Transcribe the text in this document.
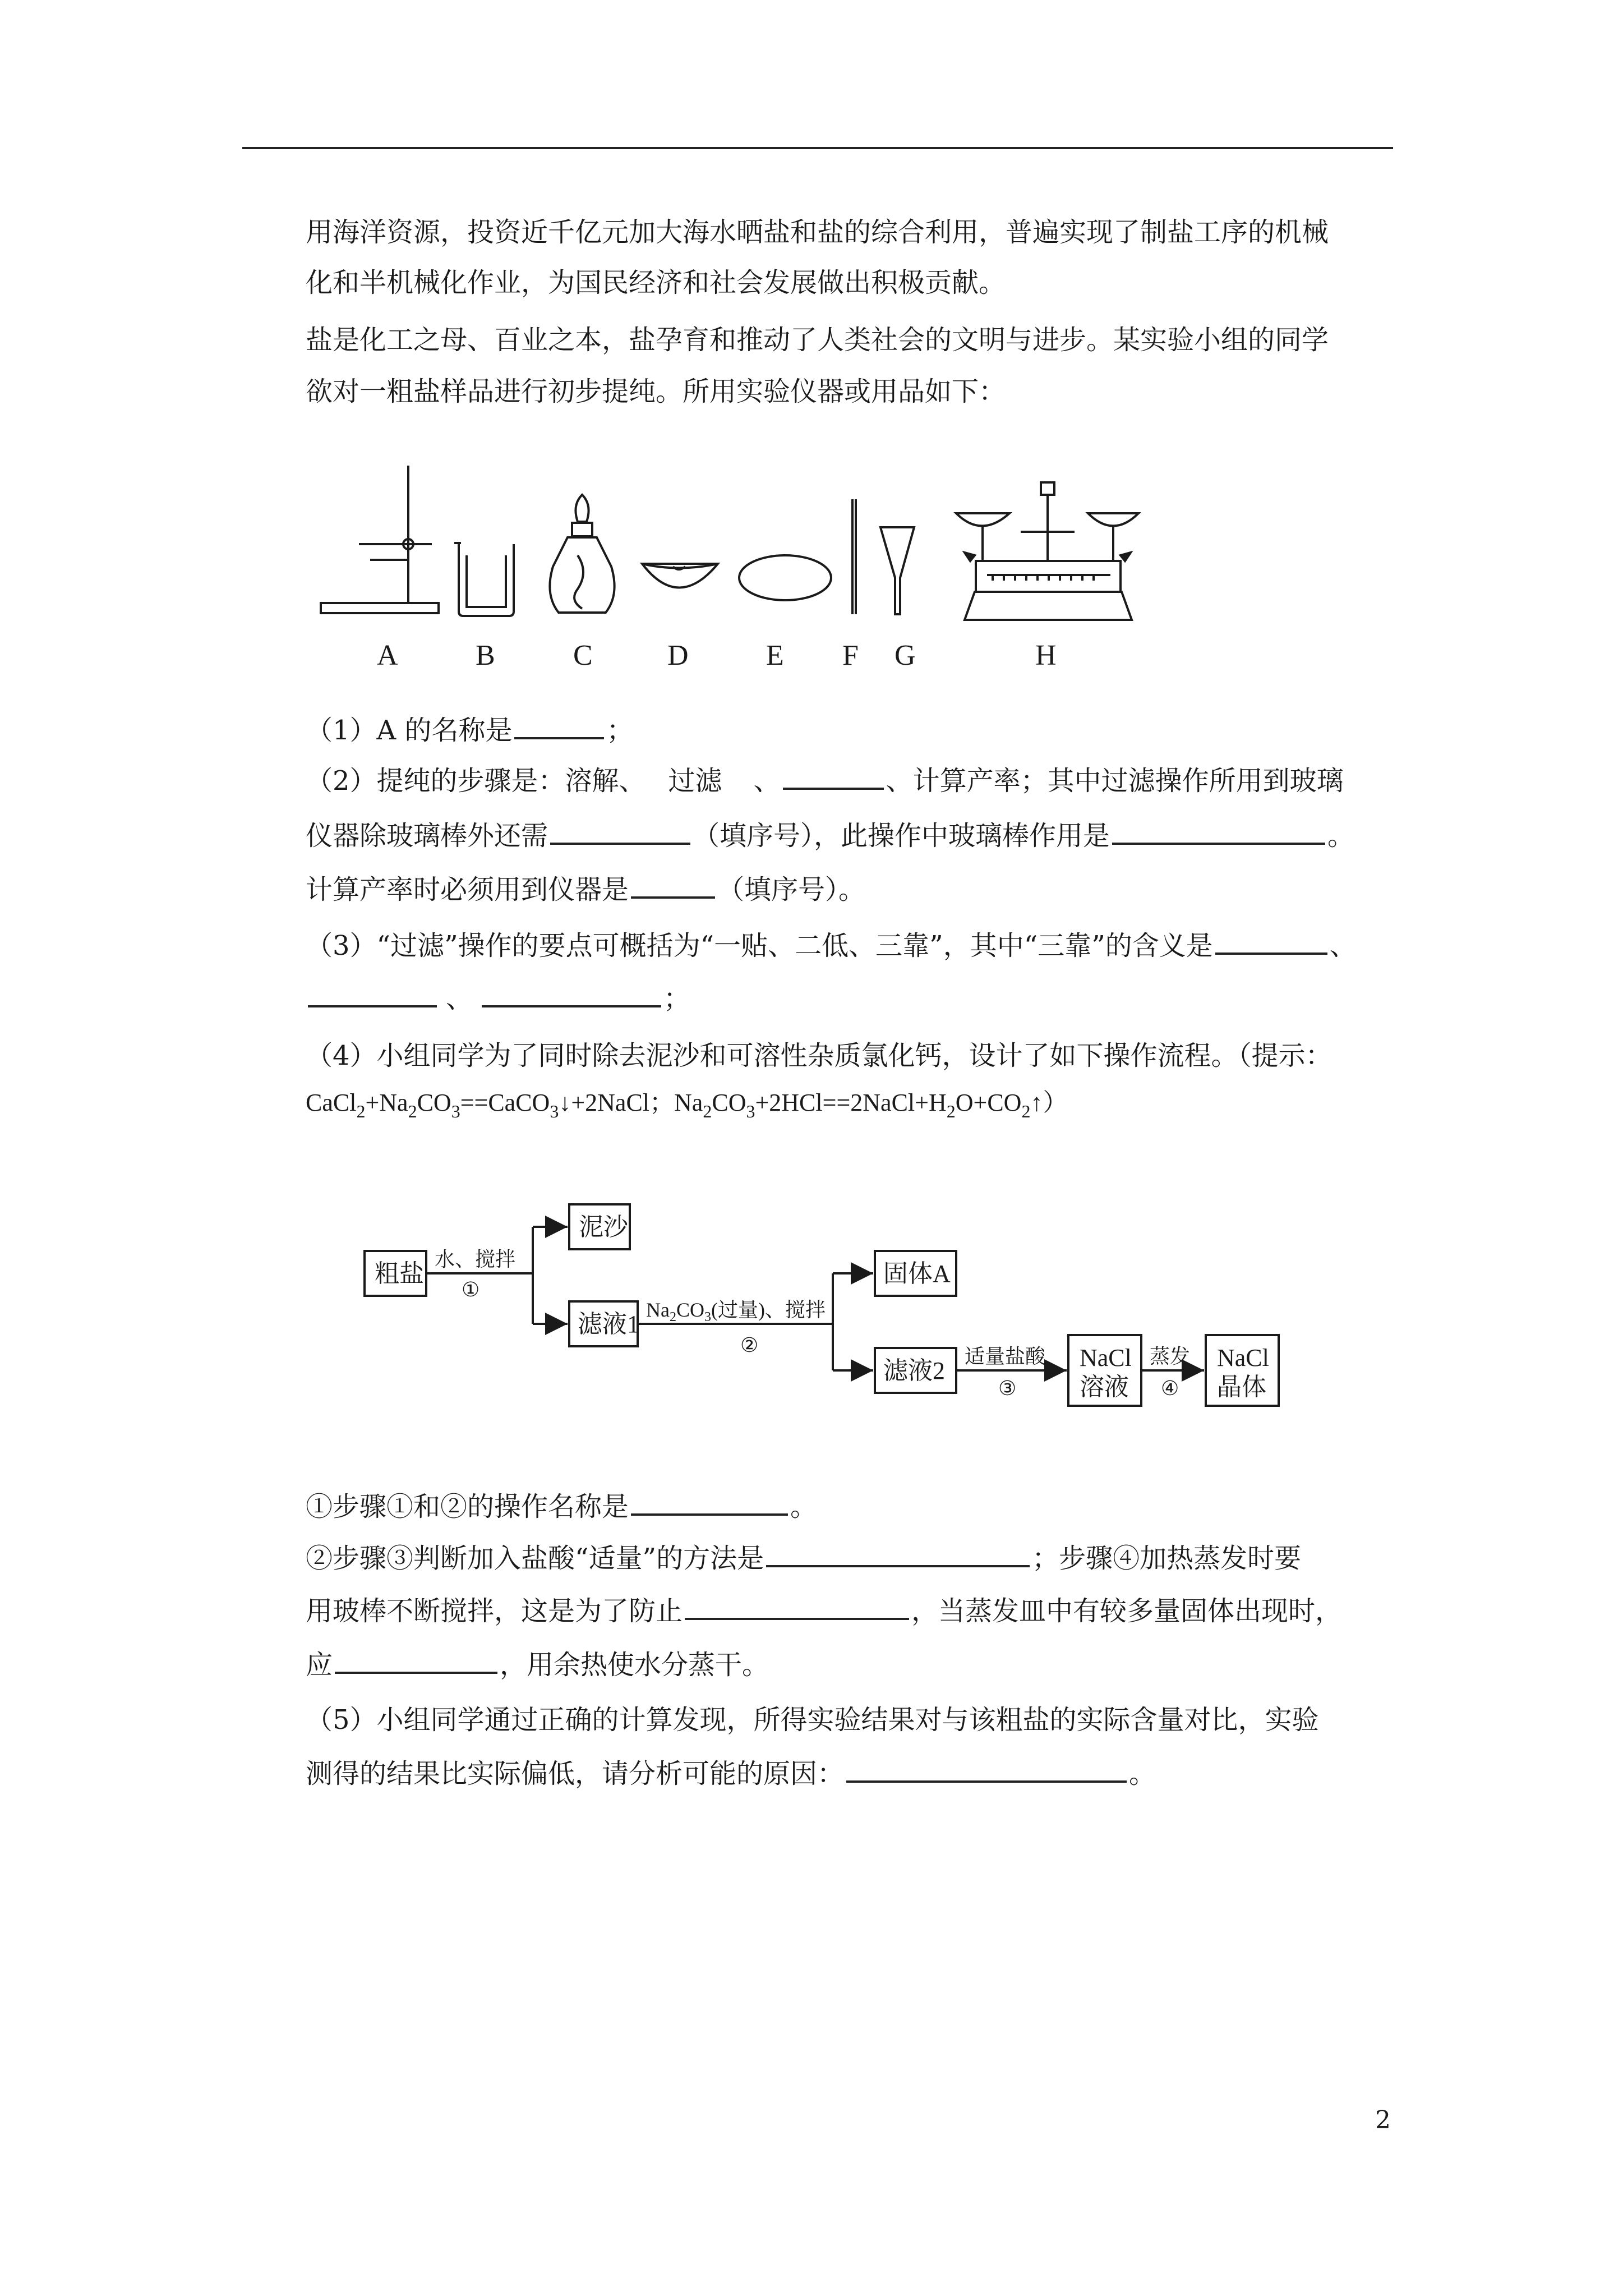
用海洋资源，投资近千亿元加大海水晒盐和盐的综合利用，普遍实现了制盐工序的机械
化和半机械化作业，为国民经济和社会发展做出积极贡献。
盐是化工之母、百业之本，盐孕育和推动了人类社会的文明与进步。某实验小组的同学
欲对一粗盐样品进行初步提纯。所用实验仪器或用品如下：
A	B	C	D	E F G	H
（1）A 的名称是	；
（2）提纯的步骤是：溶解、 过滤 、	、计算产率；其中过滤操作所用到玻璃
仪器除玻璃棒外还需	（填序号），此操作中玻璃棒作用是	。
计算产率时必须用到仪器是	（填序号）。
（3）“过滤”操作的要点可概括为“一贴、二低、三靠”，其中“三靠”的含义是	、
、	；
（4）小组同学为了同时除去泥沙和可溶性杂质氯化钙，设计了如下操作流程。（提示：
$CaCl_2+Na_2CO_3==CaCO_3↓+2NaCl$；$Na_2CO_3+2HCl==2NaCl+H_2O+CO_2↑$）
粗盐
泥沙
滤液1
固体A
滤液2	NaCl
溶液
NaCl
晶体
水、搅拌
①
$Na_2CO_3$(过量)、搅拌
②	适量盐酸
③
蒸发
④
①步骤①和②的操作名称是	。
②步骤③判断加入盐酸“适量”的方法是	；步骤④加热蒸发时要
用玻棒不断搅拌，这是为了防止	，当蒸发皿中有较多量固体出现时，
应	，用余热使水分蒸干。
（5）小组同学通过正确的计算发现，所得实验结果对与该粗盐的实际含量对比，实验
测得的结果比实际偏低，请分析可能的原因：	。
2
